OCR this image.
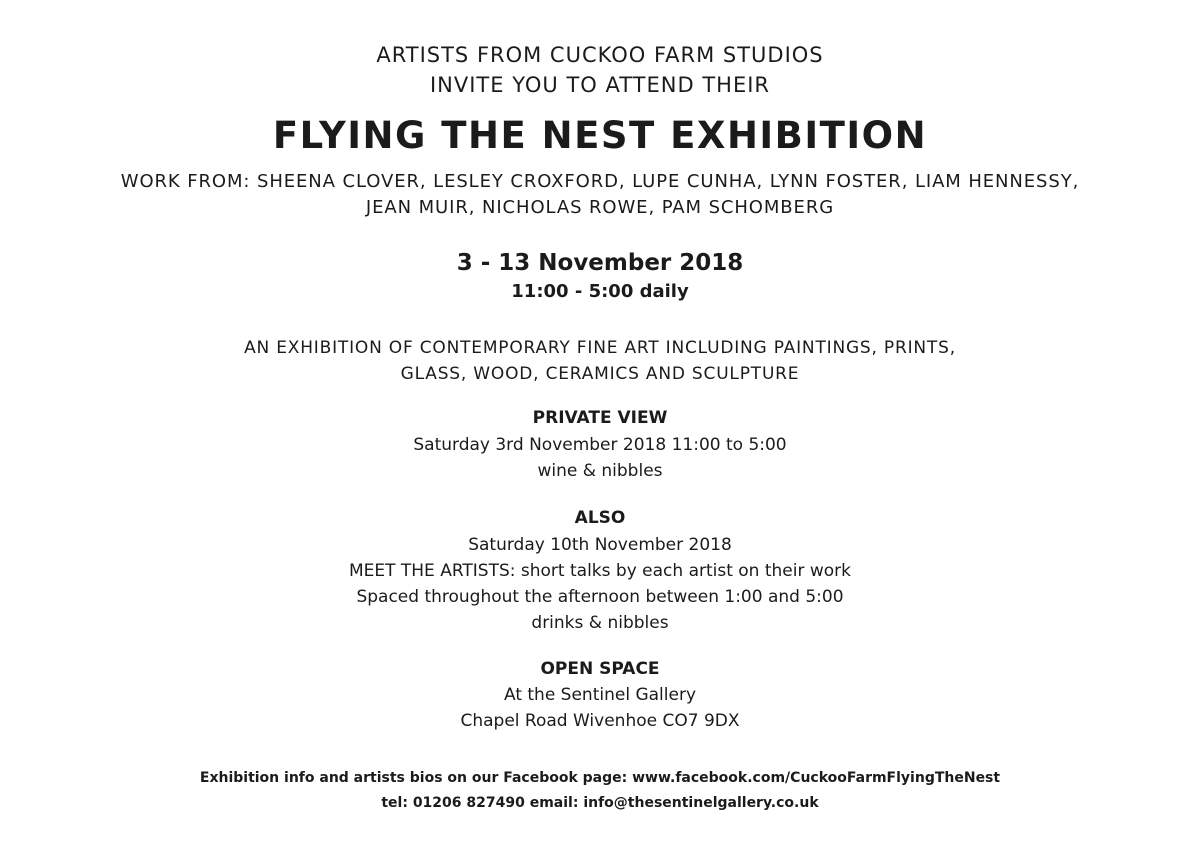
ARTISTS FROM CUCKOO FARM STUDIOS
INVITE YOU TO ATTEND THEIR
FLYING THE NEST EXHIBITION
WORK FROM: SHEENA CLOVER, LESLEY CROXFORD, LUPE CUNHA, LYNN FOSTER, LIAM HENNESSY,
JEAN MUIR, NICHOLAS ROWE, PAM SCHOMBERG
3 - 13 November 2018
11:00 - 5:00 daily
AN EXHIBITION OF CONTEMPORARY FINE ART INCLUDING PAINTINGS, PRINTS,
GLASS, WOOD, CERAMICS AND SCULPTURE
PRIVATE VIEW
Saturday 3rd November 2018 11:00 to 5:00
wine & nibbles
ALSO
Saturday 10th November 2018
MEET THE ARTISTS: short talks by each artist on their work
Spaced throughout the afternoon between 1:00 and 5:00
drinks & nibbles
OPEN SPACE
At the Sentinel Gallery
Chapel Road Wivenhoe CO7 9DX
Exhibition info and artists bios on our Facebook page: www.facebook.com/CuckooFarmFlyingTheNest
tel: 01206 827490 email: info@thesentinelgallery.co.uk
